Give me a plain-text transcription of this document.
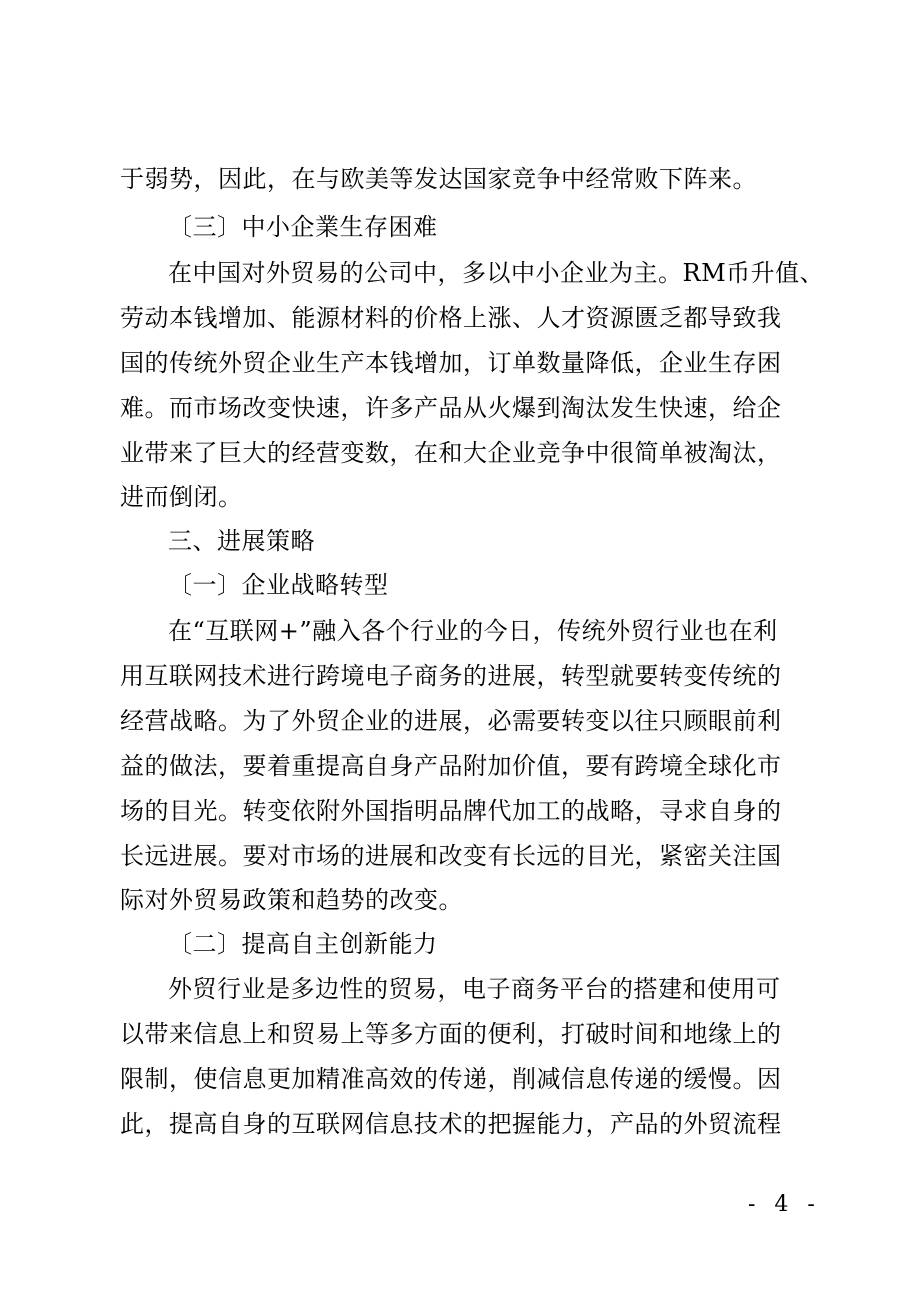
于弱势，因此，在与欧美等发达国家竞争中经常败下阵来。
〔三〕中小企業生存困难
在中国对外贸易的公司中，多以中小企业为主。RM币升值、
劳动本钱增加、能源材料的价格上涨、人才资源匮乏都导致我
国的传统外贸企业生产本钱增加，订单数量降低，企业生存困
难。而市场改变快速，许多产品从火爆到淘汰发生快速，给企
业带来了巨大的经营变数，在和大企业竞争中很简单被淘汰，
进而倒闭。
三、进展策略
〔一〕企业战略转型
在“互联网+”融入各个行业的今日，传统外贸行业也在利
用互联网技术进行跨境电子商务的进展，转型就要转变传统的
经营战略。为了外贸企业的进展，必需要转变以往只顾眼前利
益的做法，要着重提高自身产品附加价值，要有跨境全球化市
场的目光。转变依附外国指明品牌代加工的战略，寻求自身的
长远进展。要对市场的进展和改变有长远的目光，紧密关注国
际对外贸易政策和趋势的改变。
〔二〕提高自主创新能力
外贸行业是多边性的贸易，电子商务平台的搭建和使用可
以带来信息上和贸易上等多方面的便利，打破时间和地缘上的
限制，使信息更加精准高效的传递，削减信息传递的缓慢。因
此，提高自身的互联网信息技术的把握能力，产品的外贸流程
- 4 -
